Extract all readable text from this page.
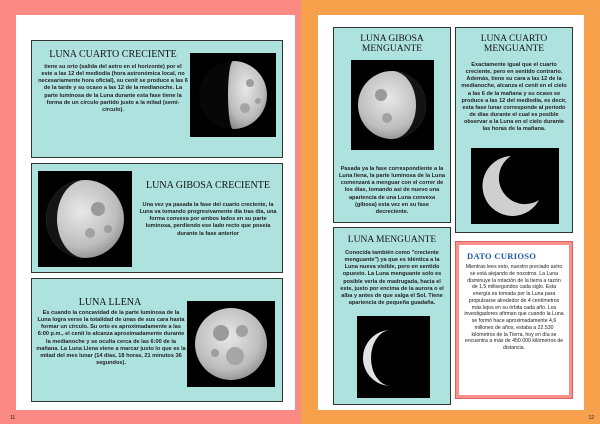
LUNA CUARTO CRECIENTE

tiene su orto (salida del astro en el horizonte) por el este a las 12 del mediodía (hora astronómica local, no necesariamente hora oficial), su cenit se produce a las 6 de la tarde y su ocaso a las 12 de la medianoche. La parte luminosa de la Luna durante esta fase tiene la forma de un círculo partido justo a la mitad (semi-círculo).

LUNA GIBOSA CRECIENTE

Una vez ya pasada la fase del cuarto creciente, la Luna va tomando progresivamente día tras día, una forma convexa por ambos lados en su parte luminosa, perdiendo ese lado recto que poseía durante la fase anterior

LUNA LLENA

Es cuando la concavidad de la parte luminosa de la Luna logra verse la totalidad de unas de sus cara hasta formar un círculo. Su orto es aproximadamente a las 6:00 p.m., el cenit lo alcanza aproximadamente durante la medianoche y se oculta cerca de las 6:00 de la mañana. La Luna Llena viene a marcar justo lo que es la mitad del mes lunar (14 días, 18 horas, 21 minutos 36 segundos).

11
LUNA GIBOSA MENGUANTE

Pasada ya la fase correspondiente a la Luna llena, la parte luminosa de la Luna comenzará a menguar con el correr de los días, tomando así de nuevo una apariencia de una Luna convexa (gibosa) esta vez en su fase decreciente.

LUNA CUARTO MENGUANTE

Exactamente igual que el cuarto creciente, pero en sentido contrario. Además, tiene su cara a las 12 de la medianoche, alcanza el cenit en el cielo a las 6 de la mañana y su ocaso se produce a las 12 del mediodía, es decir, esta fase lunar corresponde al periodo de días durante el cual es posible observar a la Luna en el cielo durante las horas de la mañana.

LUNA MENGUANTE

Conocida también como "creciente menguante") ya que es idéntica a la Luna nueva visible, pero en sentido opuesto. La Luna menguante solo es posible verla de madrugada, hacia el este, justo por encima de la aurora o el alba y antes de que salga el Sol. Tiene apariencia de pequeña guadaña.

DATO CURIOSO

Mientras lees esto, nuestro preciado astro se está alejando de nosotros. La Luna disminuye la rotación de la tierra a razón de 1.5 milisegundos cada siglo. Esta energía es tomada por la Luna para propulsarse alrededor de 4 centímetros más lejos en su órbita cada año. Los investigadores afirman que cuando la Luna se formó hace aproximadamente 4,6 millones de años, estaba a 22.530 kilómetros de la Tierra, hoy en día se encuentra a más de 450.000 kilómetros de distancia.

12
